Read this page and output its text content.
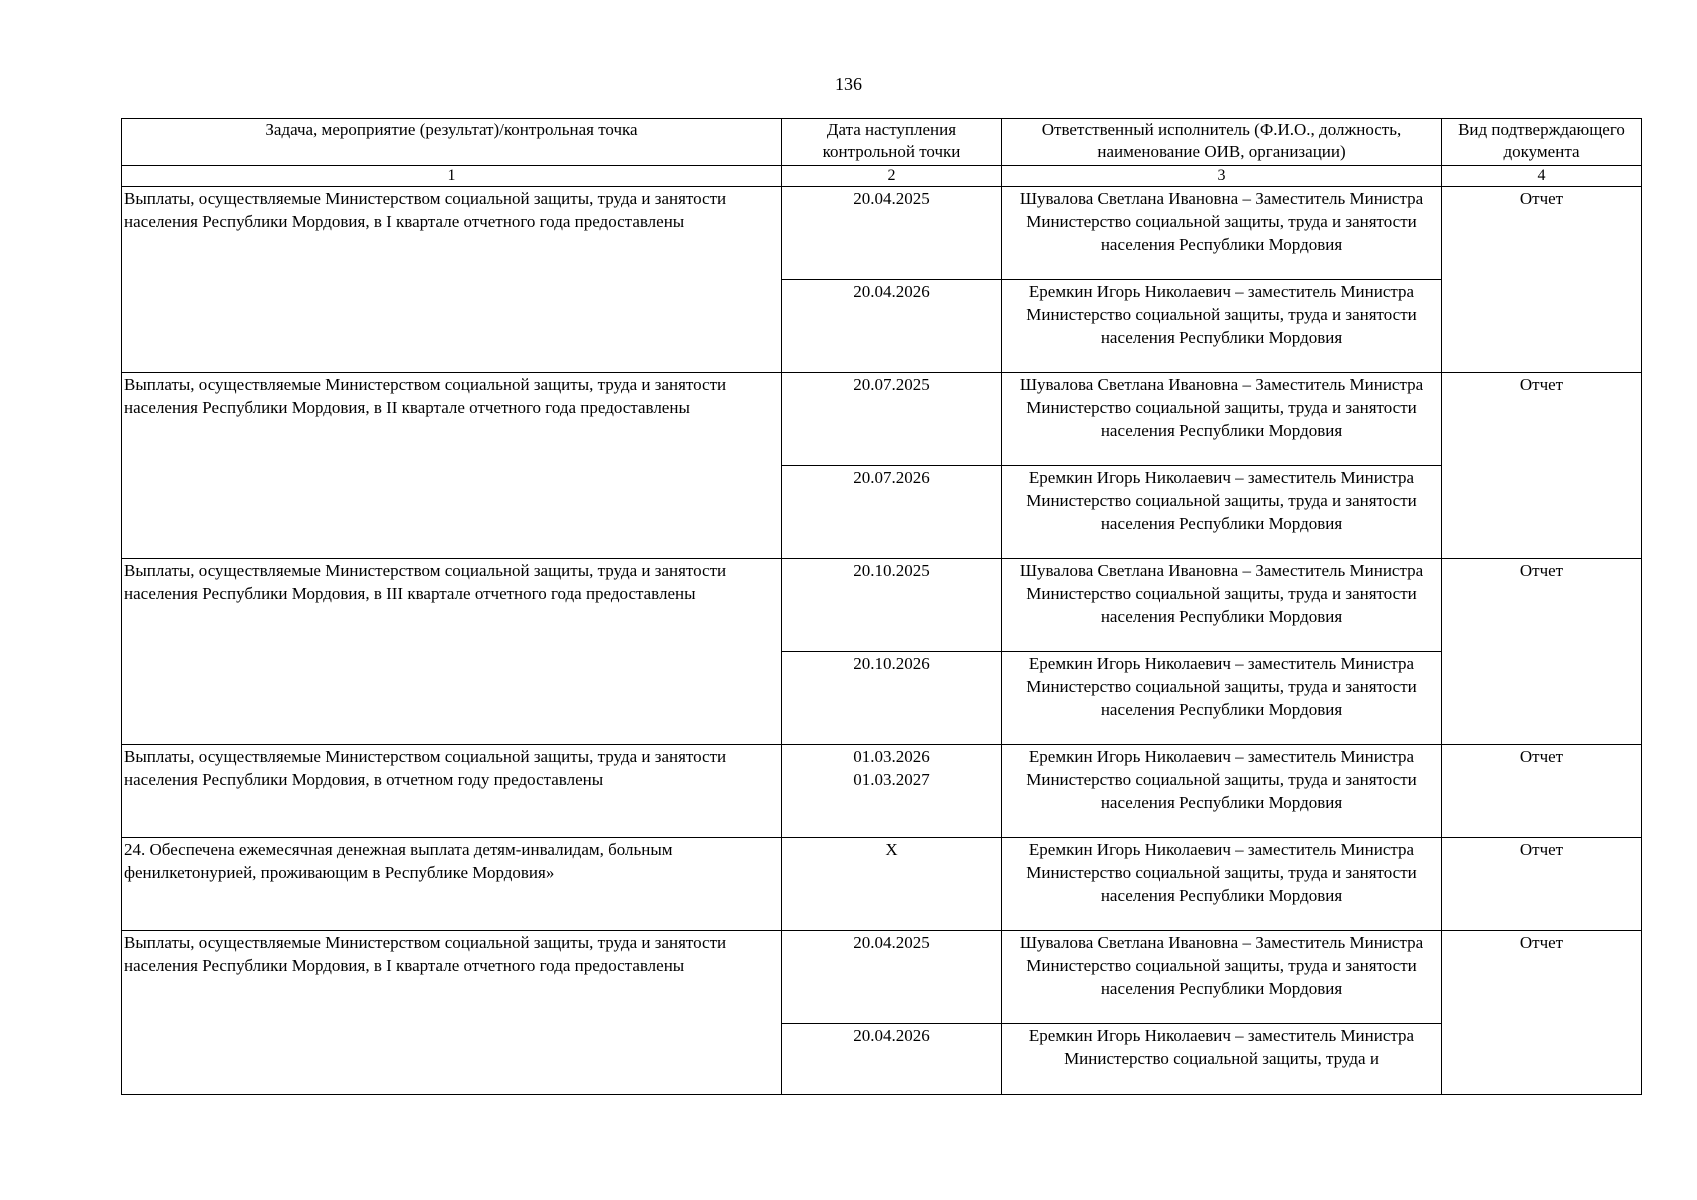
136
Задача, мероприятие (результат)/контрольная точка	Дата наступления контрольной точки	Ответственный исполнитель (Ф.И.О., должность, наименование ОИВ, организации)	Вид подтверждающего документа
1	2	3	4
Выплаты, осуществляемые Министерством социальной защиты, труда и занятости населения Республики Мордовия, в I квартале отчетного года предоставлены	20.04.2025	Шувалова Светлана Ивановна – Заместитель Министра
Министерство социальной защиты, труда и занятости населения Республики Мордовия	Отчет
	20.04.2026	Еремкин Игорь Николаевич – заместитель Министра
Министерство социальной защиты, труда и занятости населения Республики Мордовия	

Выплаты, осуществляемые Министерством социальной защиты, труда и занятости населения Республики Мордовия, в II квартале отчетного года предоставлены	20.07.2025	Шувалова Светлана Ивановна – Заместитель Министра
Министерство социальной защиты, труда и занятости населения Республики Мордовия	Отчет
	20.07.2026	Еремкин Игорь Николаевич – заместитель Министра
Министерство социальной защиты, труда и занятости населения Республики Мордовия	

Выплаты, осуществляемые Министерством социальной защиты, труда и занятости населения Республики Мордовия, в III квартале отчетного года предоставлены	20.10.2025	Шувалова Светлана Ивановна – Заместитель Министра
Министерство социальной защиты, труда и занятости населения Республики Мордовия	Отчет
	20.10.2026	Еремкин Игорь Николаевич – заместитель Министра
Министерство социальной защиты, труда и занятости населения Республики Мордовия	

Выплаты, осуществляемые Министерством социальной защиты, труда и занятости населения Республики Мордовия, в отчетном году предоставлены	01.03.2026
01.03.2027	Еремкин Игорь Николаевич – заместитель Министра
Министерство социальной защиты, труда и занятости населения Республики Мордовия	Отчет
24. Обеспечена ежемесячная денежная выплата детям-инвалидам, больным фенилкетонурией, проживающим в Республике Мордовия»	X	Еремкин Игорь Николаевич – заместитель Министра
Министерство социальной защиты, труда и занятости населения Республики Мордовия	Отчет
Выплаты, осуществляемые Министерством социальной защиты, труда и занятости населения Республики Мордовия, в I квартале отчетного года предоставлены	20.04.2025	Шувалова Светлана Ивановна – Заместитель Министра
Министерство социальной защиты, труда и занятости населения Республики Мордовия	Отчет
	20.04.2026	Еремкин Игорь Николаевич – заместитель Министра
Министерство социальной защиты, труда и	
